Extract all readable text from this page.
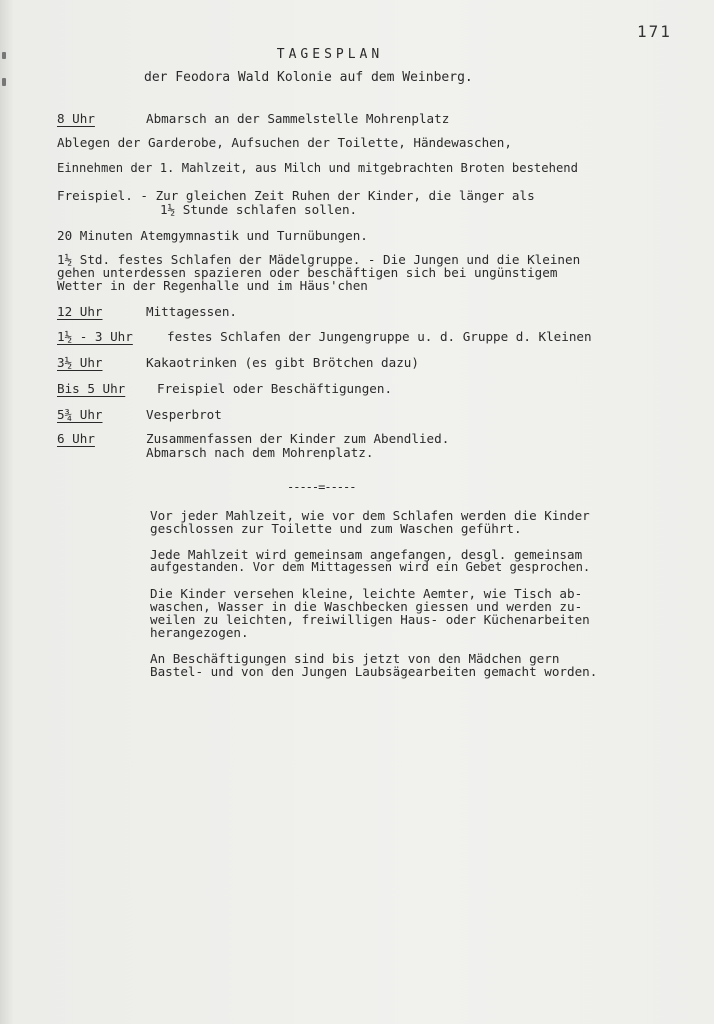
171
TAGESPLAN
der Feodora Wald Kolonie auf dem Weinberg.
8 Uhr	Abmarsch an der Sammelstelle Mohrenplatz
Ablegen der Garderobe, Aufsuchen der Toilette, Händewaschen,
Einnehmen der 1. Mahlzeit, aus Milch und mitgebrachten Broten bestehend
Freispiel. - Zur gleichen Zeit Ruhen der Kinder, die länger als
1½ Stunde schlafen sollen.
20 Minuten Atemgymnastik und Turnübungen.
1½ Std. festes Schlafen der Mädelgruppe. - Die Jungen und die Kleinen
gehen unterdessen spazieren oder beschäftigen sich bei ungünstigem
Wetter in der Regenhalle und im Häus'chen
12 Uhr	Mittagessen.
1½ - 3 Uhr	festes Schlafen der Jungengruppe u. d. Gruppe d. Kleinen
3½ Uhr	Kakaotrinken (es gibt Brötchen dazu)
Bis 5 Uhr	Freispiel oder Beschäftigungen.
5¾ Uhr	Vesperbrot
6 Uhr	Zusammenfassen der Kinder zum Abendlied.
Abmarsch nach dem Mohrenplatz.
-----=-----
Vor jeder Mahlzeit, wie vor dem Schlafen werden die Kinder
geschlossen zur Toilette und zum Waschen geführt.
Jede Mahlzeit wird gemeinsam angefangen, desgl. gemeinsam
aufgestanden. Vor dem Mittagessen wird ein Gebet gesprochen.
Die Kinder versehen kleine, leichte Aemter, wie Tisch ab-
waschen, Wasser in die Waschbecken giessen und werden zu-
weilen zu leichten, freiwilligen Haus- oder Küchenarbeiten
herangezogen.
An Beschäftigungen sind bis jetzt von den Mädchen gern
Bastel- und von den Jungen Laubsägearbeiten gemacht worden.
